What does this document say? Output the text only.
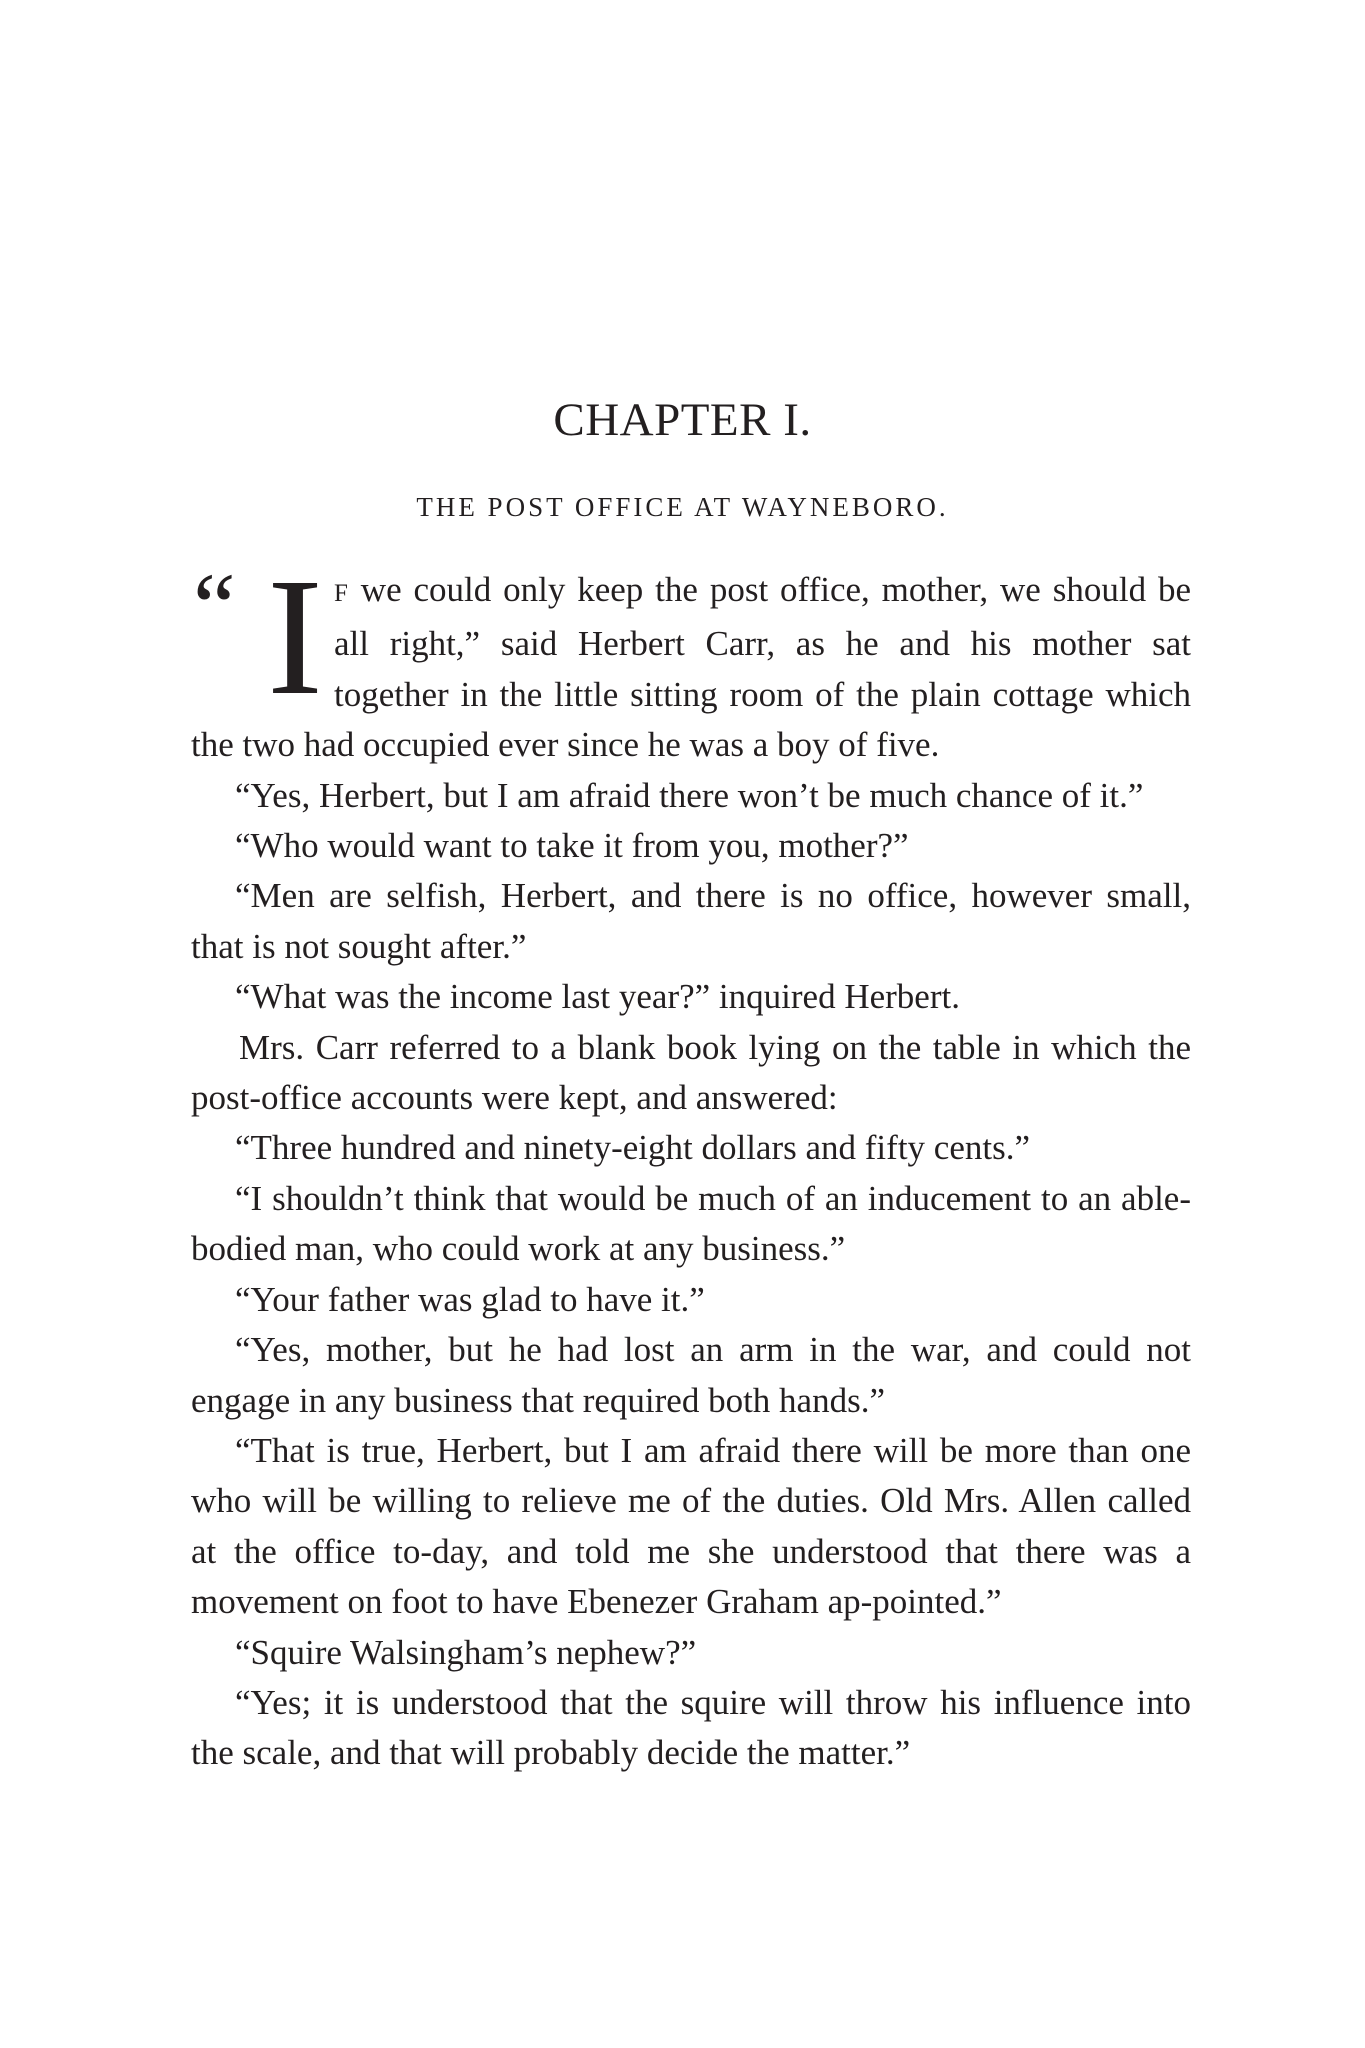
CHAPTER I.
THE POST OFFICE AT WAYNEBORO.

“ I F we could only keep the post office, mother, we should be all right,” said Herbert Carr, as he and his mother sat together in the little sitting room of the plain cottage which the two had occupied ever since he was a boy of five.

“Yes, Herbert, but I am afraid there won’t be much chance of it.”

“Who would want to take it from you, mother?”

“Men are selfish, Herbert, and there is no office, however small, that is not sought after.”

“What was the income last year?” inquired Herbert.

Mrs. Carr referred to a blank book lying on the table in which the post-office accounts were kept, and answered:

“Three hundred and ninety-eight dollars and fifty cents.”

“I shouldn’t think that would be much of an inducement to an able-bodied man, who could work at any business.”

“Your father was glad to have it.”

“Yes, mother, but he had lost an arm in the war, and could not engage in any business that required both hands.”

“That is true, Herbert, but I am afraid there will be more than one who will be willing to relieve me of the duties. Old Mrs. Allen called at the office to-day, and told me she understood that there was a movement on foot to have Ebenezer Graham ap-pointed.”

“Squire Walsingham’s nephew?”

“Yes; it is understood that the squire will throw his influence into the scale, and that will probably decide the matter.”
